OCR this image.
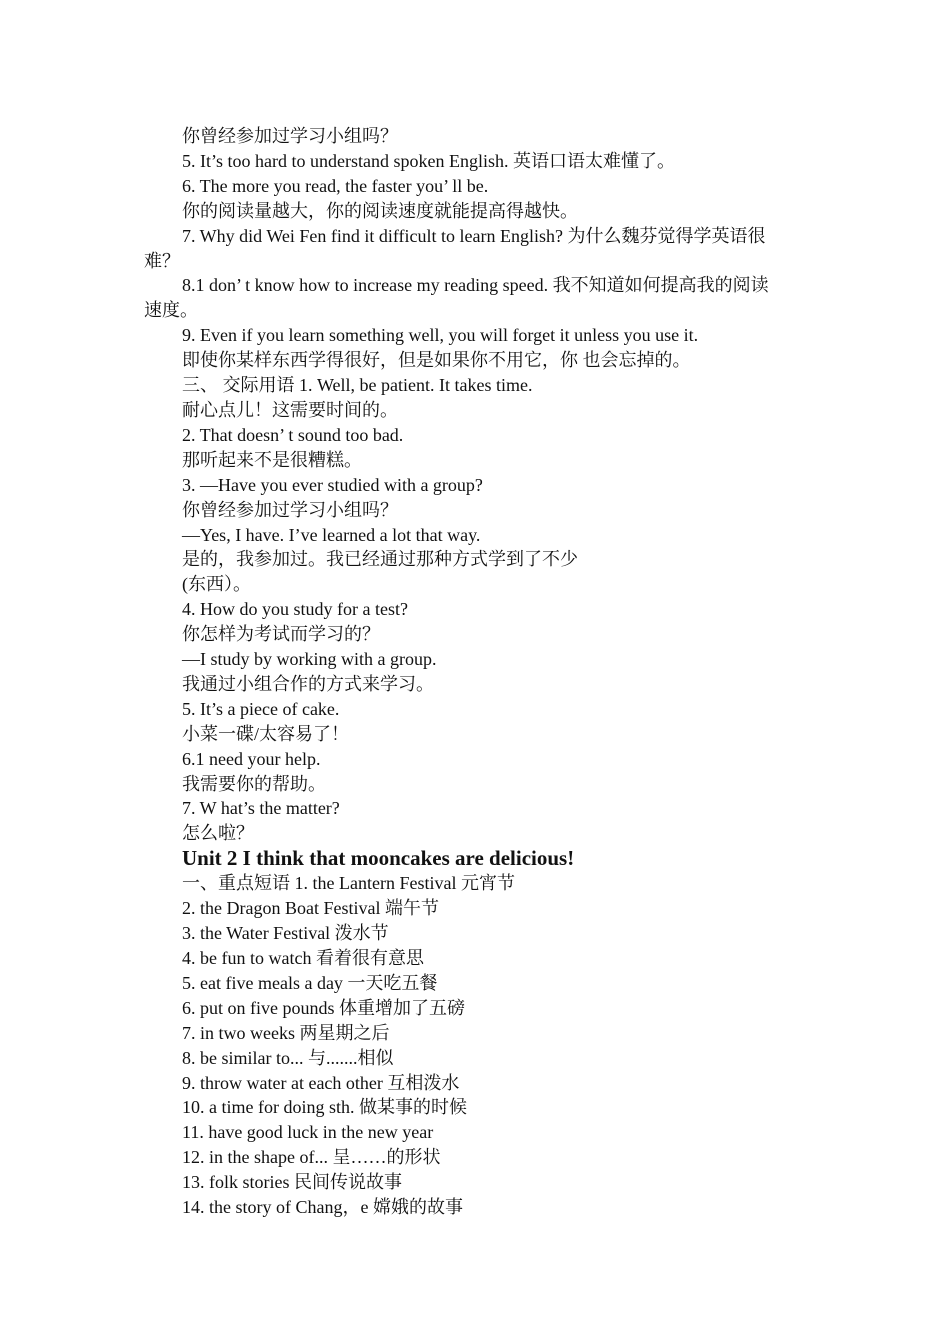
你曾经参加过学习小组吗？

5. It’s too hard to understand spoken English. 英语口语太难懂了。

6. The more you read, the faster you’ ll be.

你的阅读量越大，你的阅读速度就能提高得越快。

7. Why did Wei Fen find it difficult to learn English? 为什么魏芬觉得学英语很

难？

8.1 don’ t know how to increase my reading speed. 我不知道如何提高我的阅读

速度。

9. Even if you learn something well, you will forget it unless you use it.

即使你某样东西学得很好，但是如果你不用它，你 也会忘掉的。

三、 交际用语 1. Well, be patient. It takes time.

耐心点儿！这需要时间的。

2. That doesn’ t sound too bad.

那听起来不是很糟糕。

3. —Have you ever studied with a group?

你曾经参加过学习小组吗？

—Yes, I have. I’ve learned a lot that way.

是的，我参加过。我已经通过那种方式学到了不少

(东西）。

4. How do you study for a test?

你怎样为考试而学习的？

—I study by working with a group.

我通过小组合作的方式来学习。

5. It’s a piece of cake.

小菜一碟/太容易了！

6.1 need your help.

我需要你的帮助。

7. W hat’s the matter?

怎么啦？

Unit 2 I think that mooncakes are delicious!

一、重点短语 1. the Lantern Festival 元宵节

2. the Dragon Boat Festival 端午节

3. the Water Festival 泼水节

4. be fun to watch 看着很有意思

5. eat five meals a day 一天吃五餐

6. put on five pounds 体重增加了五磅

7. in two weeks 两星期之后

8. be similar to... 与.......相似

9. throw water at each other 互相泼水

10. a time for doing sth. 做某事的时候

11. have good luck in the new year

12. in the shape of... 呈……的形状

13. folk stories 民间传说故事

14. the story of Chang，e 嫦娥的故事
